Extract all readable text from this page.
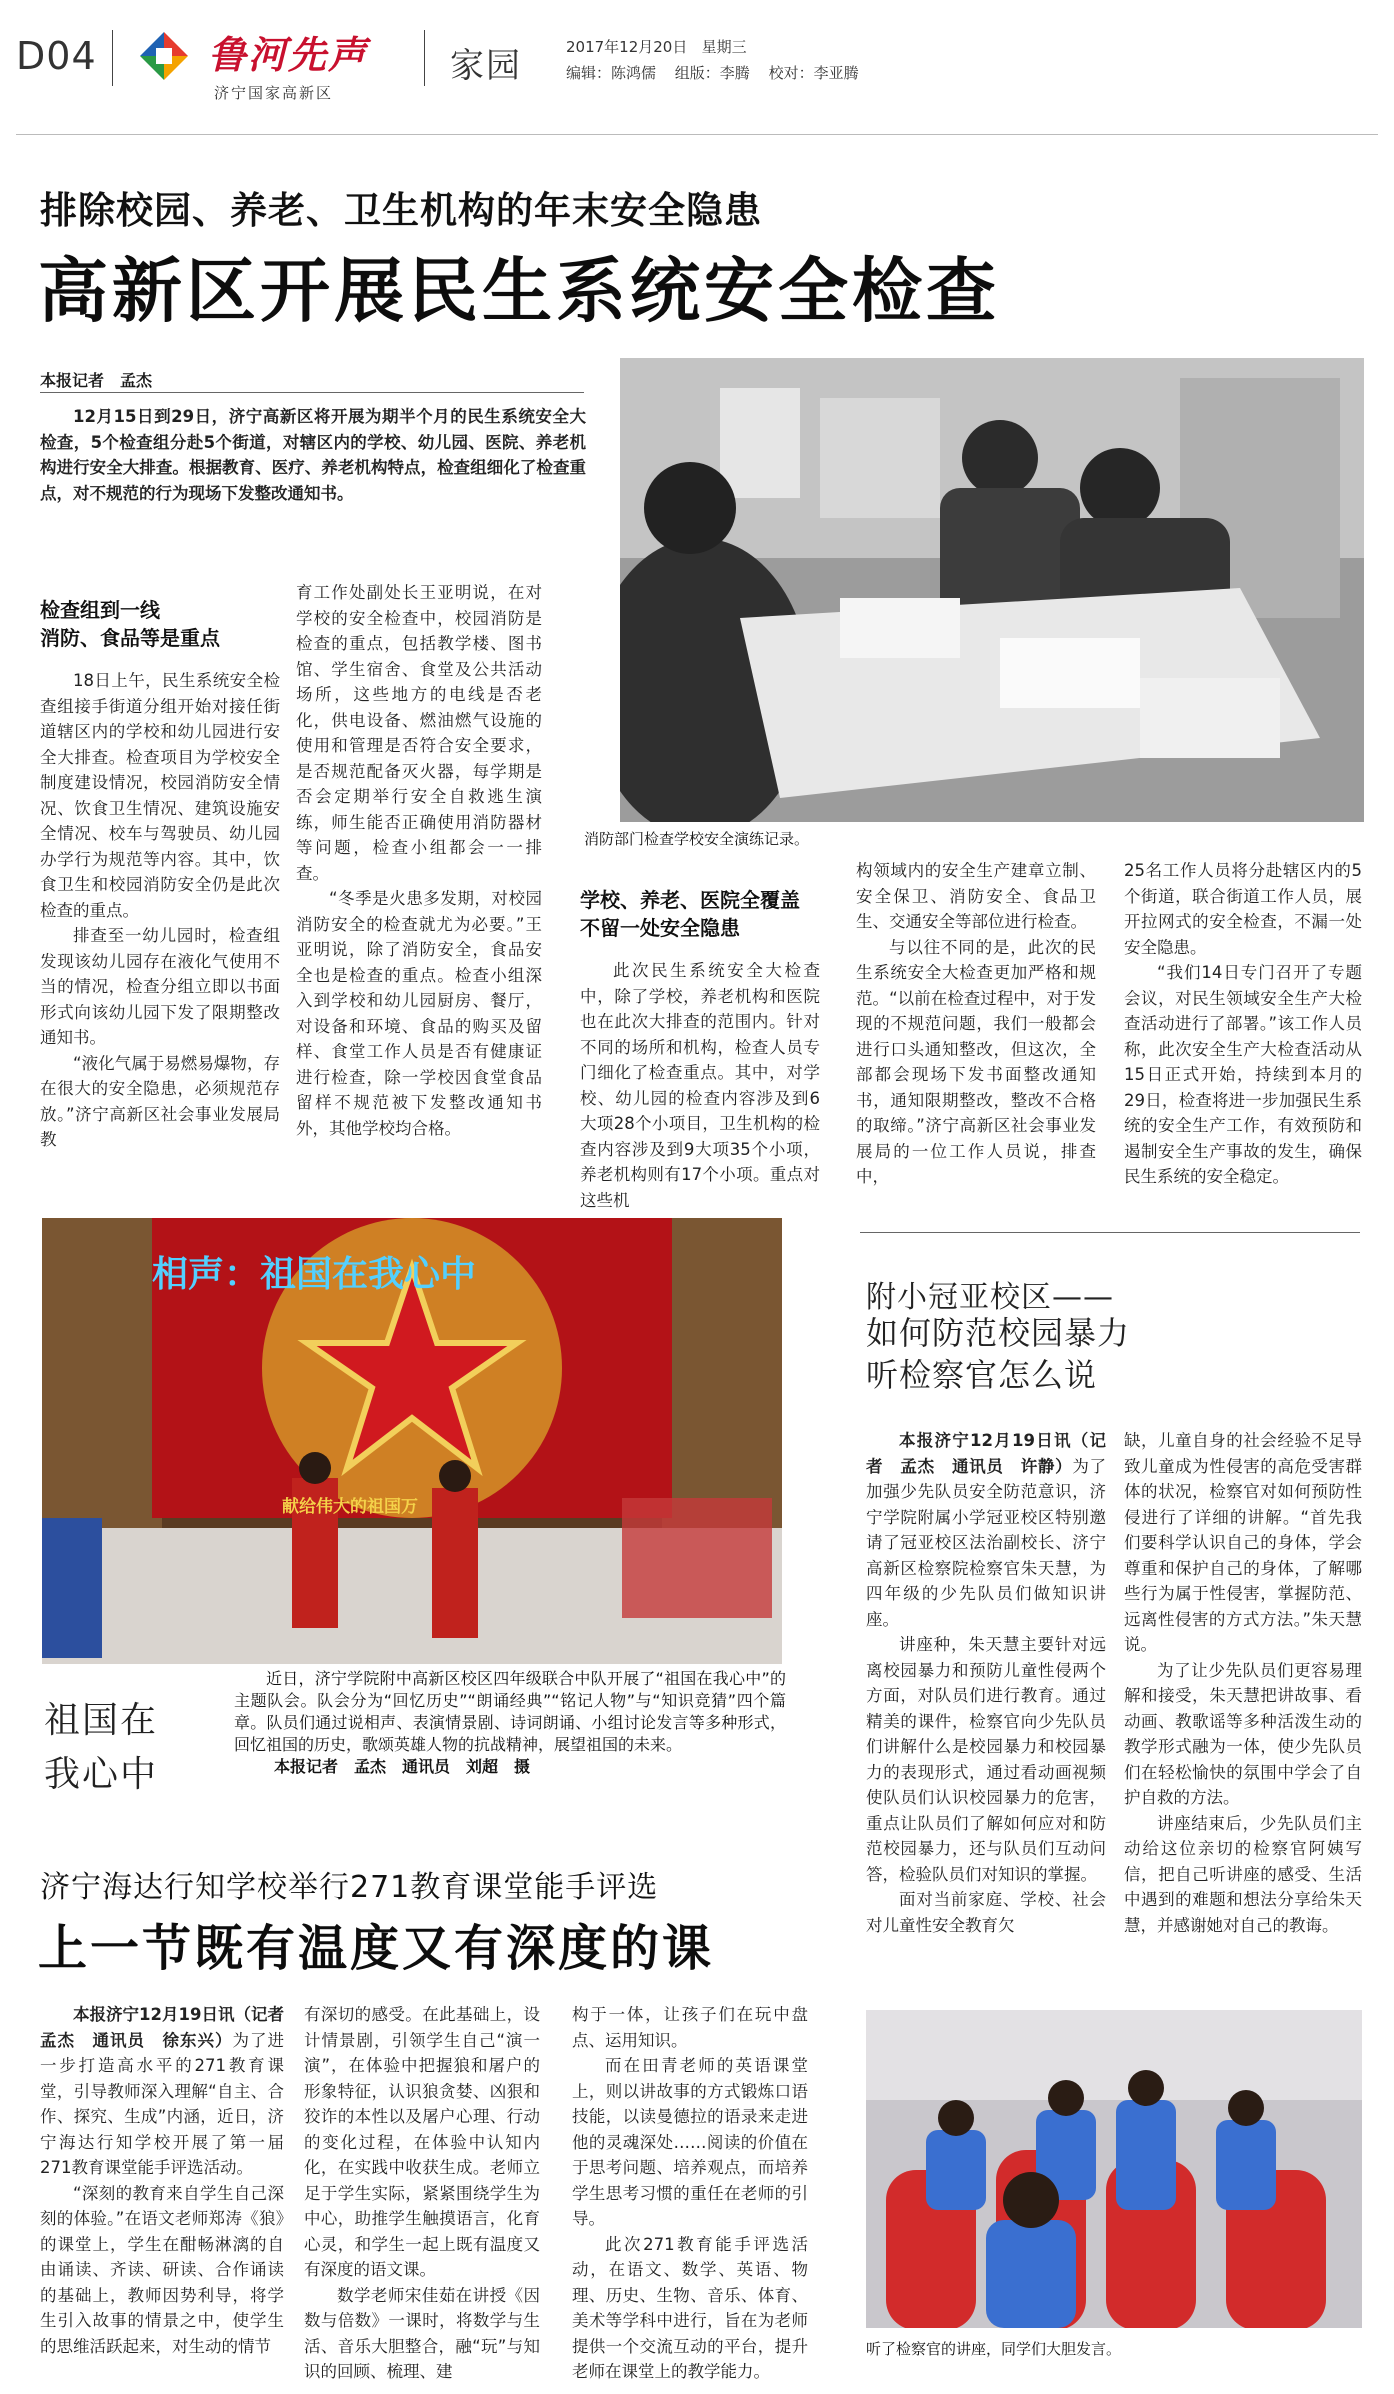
D04	鲁河先声
济宁国家高新区
家园	2017年12月20日 星期三
编辑：陈鸿儒 组版：李腾 校对：李亚腾
排除校园、养老、卫生机构的年末安全隐患
高新区开展民生系统安全检查
本报记者　孟杰

12月15日到29日，济宁高新区将开展为期半个月的民生系统安全大检查，5个检查组分赴5个街道，对辖区内的学校、幼儿园、医院、养老机构进行安全大排查。根据教育、医疗、养老机构特点，检查组细化了检查重点，对不规范的行为现场下发整改通知书。

消防部门检查学校安全演练记录。
检查组到一线
消防、食品等是重点

18日上午，民生系统安全检查组接手街道分组开始对接任街道辖区内的学校和幼儿园进行安全大排查。检查项目为学校安全制度建设情况，校园消防安全情况、饮食卫生情况、建筑设施安全情况、校车与驾驶员、幼儿园办学行为规范等内容。其中，饮食卫生和校园消防安全仍是此次检查的重点。

排查至一幼儿园时，检查组发现该幼儿园存在液化气使用不当的情况，检查分组立即以书面形式向该幼儿园下发了限期整改通知书。

“液化气属于易燃易爆物，存在很大的安全隐患，必须规范存放。”济宁高新区社会事业发展局教

育工作处副处长王亚明说，在对学校的安全检查中，校园消防是检查的重点，包括教学楼、图书馆、学生宿舍、食堂及公共活动场所，这些地方的电线是否老化，供电设备、燃油燃气设施的使用和管理是否符合安全要求，是否规范配备灭火器，每学期是否会定期举行安全自救逃生演练，师生能否正确使用消防器材等问题，检查小组都会一一排查。

“冬季是火患多发期，对校园消防安全的检查就尤为必要。”王亚明说，除了消防安全，食品安全也是检查的重点。检查小组深入到学校和幼儿园厨房、餐厅，对设备和环境、食品的购买及留样、食堂工作人员是否有健康证进行检查，除一学校因食堂食品留样不规范被下发整改通知书外，其他学校均合格。

学校、养老、医院全覆盖
不留一处安全隐患

此次民生系统安全大检查中，除了学校，养老机构和医院也在此次大排查的范围内。针对不同的场所和机构，检查人员专门细化了检查重点。其中，对学校、幼儿园的检查内容涉及到6大项28个小项目，卫生机构的检查内容涉及到9大项35个小项，养老机构则有17个小项。重点对这些机

构领域内的安全生产建章立制、安全保卫、消防安全、食品卫生、交通安全等部位进行检查。

与以往不同的是，此次的民生系统安全大检查更加严格和规范。“以前在检查过程中，对于发现的不规范问题，我们一般都会进行口头通知整改，但这次，全部都会现场下发书面整改通知书，通知限期整改，整改不合格的取缔。”济宁高新区社会事业发展局的一位工作人员说，排查中，

25名工作人员将分赴辖区内的5个街道，联合街道工作人员，展开拉网式的安全检查，不漏一处安全隐患。

“我们14日专门召开了专题会议，对民生领域安全生产大检查活动进行了部署。”该工作人员称，此次安全生产大检查活动从15日正式开始，持续到本月的29日，检查将进一步加强民生系统的安全生产工作，有效预防和遏制安全生产事故的发生，确保民生系统的安全稳定。

相声：祖国在我心中
献给伟大的祖国万
祖国在
我心中
近日，济宁学院附中高新区校区四年级联合中队开展了“祖国在我心中”的主题队会。队会分为“回忆历史”“朗诵经典”“铭记人物”与“知识竞猜”四个篇章。队员们通过说相声、表演情景剧、诗词朗诵、小组讨论发言等多种形式，回忆祖国的历史，歌颂英雄人物的抗战精神，展望祖国的未来。
本报记者　孟杰　通讯员　刘超　摄
附小冠亚校区——
如何防范校园暴力
听检察官怎么说

本报济宁12月19日讯（记者　孟杰　通讯员　许静）为了加强少先队员安全防范意识，济宁学院附属小学冠亚校区特别邀请了冠亚校区法治副校长、济宁高新区检察院检察官朱天慧，为四年级的少先队员们做知识讲座。

讲座种，朱天慧主要针对远离校园暴力和预防儿童性侵两个方面，对队员们进行教育。通过精美的课件，检察官向少先队员们讲解什么是校园暴力和校园暴力的表现形式，通过看动画视频使队员们认识校园暴力的危害，重点让队员们了解如何应对和防范校园暴力，还与队员们互动问答，检验队员们对知识的掌握。

面对当前家庭、学校、社会对儿童性安全教育欠

缺，儿童自身的社会经验不足导致儿童成为性侵害的高危受害群体的状况，检察官对如何预防性侵进行了详细的讲解。“首先我们要科学认识自己的身体，学会尊重和保护自己的身体，了解哪些行为属于性侵害，掌握防范、远离性侵害的方式方法。”朱天慧说。

为了让少先队员们更容易理解和接受，朱天慧把讲故事、看动画、教歌谣等多种活泼生动的教学形式融为一体，使少先队员们在轻松愉快的氛围中学会了自护自救的方法。

讲座结束后，少先队员们主动给这位亲切的检察官阿姨写信，把自己听讲座的感受、生活中遇到的难题和想法分享给朱天慧，并感谢她对自己的教诲。

听了检察官的讲座，同学们大胆发言。
济宁海达行知学校举行271教育课堂能手评选
上一节既有温度又有深度的课

本报济宁12月19日讯（记者　孟杰　通讯员　徐东兴）为了进一步打造高水平的271教育课堂，引导教师深入理解“自主、合作、探究、生成”内涵，近日，济宁海达行知学校开展了第一届271教育课堂能手评选活动。

“深刻的教育来自学生自己深刻的体验。”在语文老师郑涛《狼》的课堂上，学生在酣畅淋漓的自由诵读、齐读、研读、合作诵读的基础上，教师因势利导，将学生引入故事的情景之中，使学生的思维活跃起来，对生动的情节

有深切的感受。在此基础上，设计情景剧，引领学生自己“演一演”，在体验中把握狼和屠户的形象特征，认识狼贪婪、凶狠和狡诈的本性以及屠户心理、行动的变化过程，在体验中认知内化，在实践中收获生成。老师立足于学生实际，紧紧围绕学生为中心，助推学生触摸语言，化育心灵，和学生一起上既有温度又有深度的语文课。

数学老师宋佳茹在讲授《因数与倍数》一课时，将数学与生活、音乐大胆整合，融“玩”与知识的回顾、梳理、建

构于一体，让孩子们在玩中盘点、运用知识。

而在田青老师的英语课堂上，则以讲故事的方式锻炼口语技能，以读曼德拉的语录来走进他的灵魂深处……阅读的价值在于思考问题、培养观点，而培养学生思考习惯的重任在老师的引导。

此次271教育能手评选活动，在语文、数学、英语、物理、历史、生物、音乐、体育、美术等学科中进行，旨在为老师提供一个交流互动的平台，提升老师在课堂上的教学能力。
